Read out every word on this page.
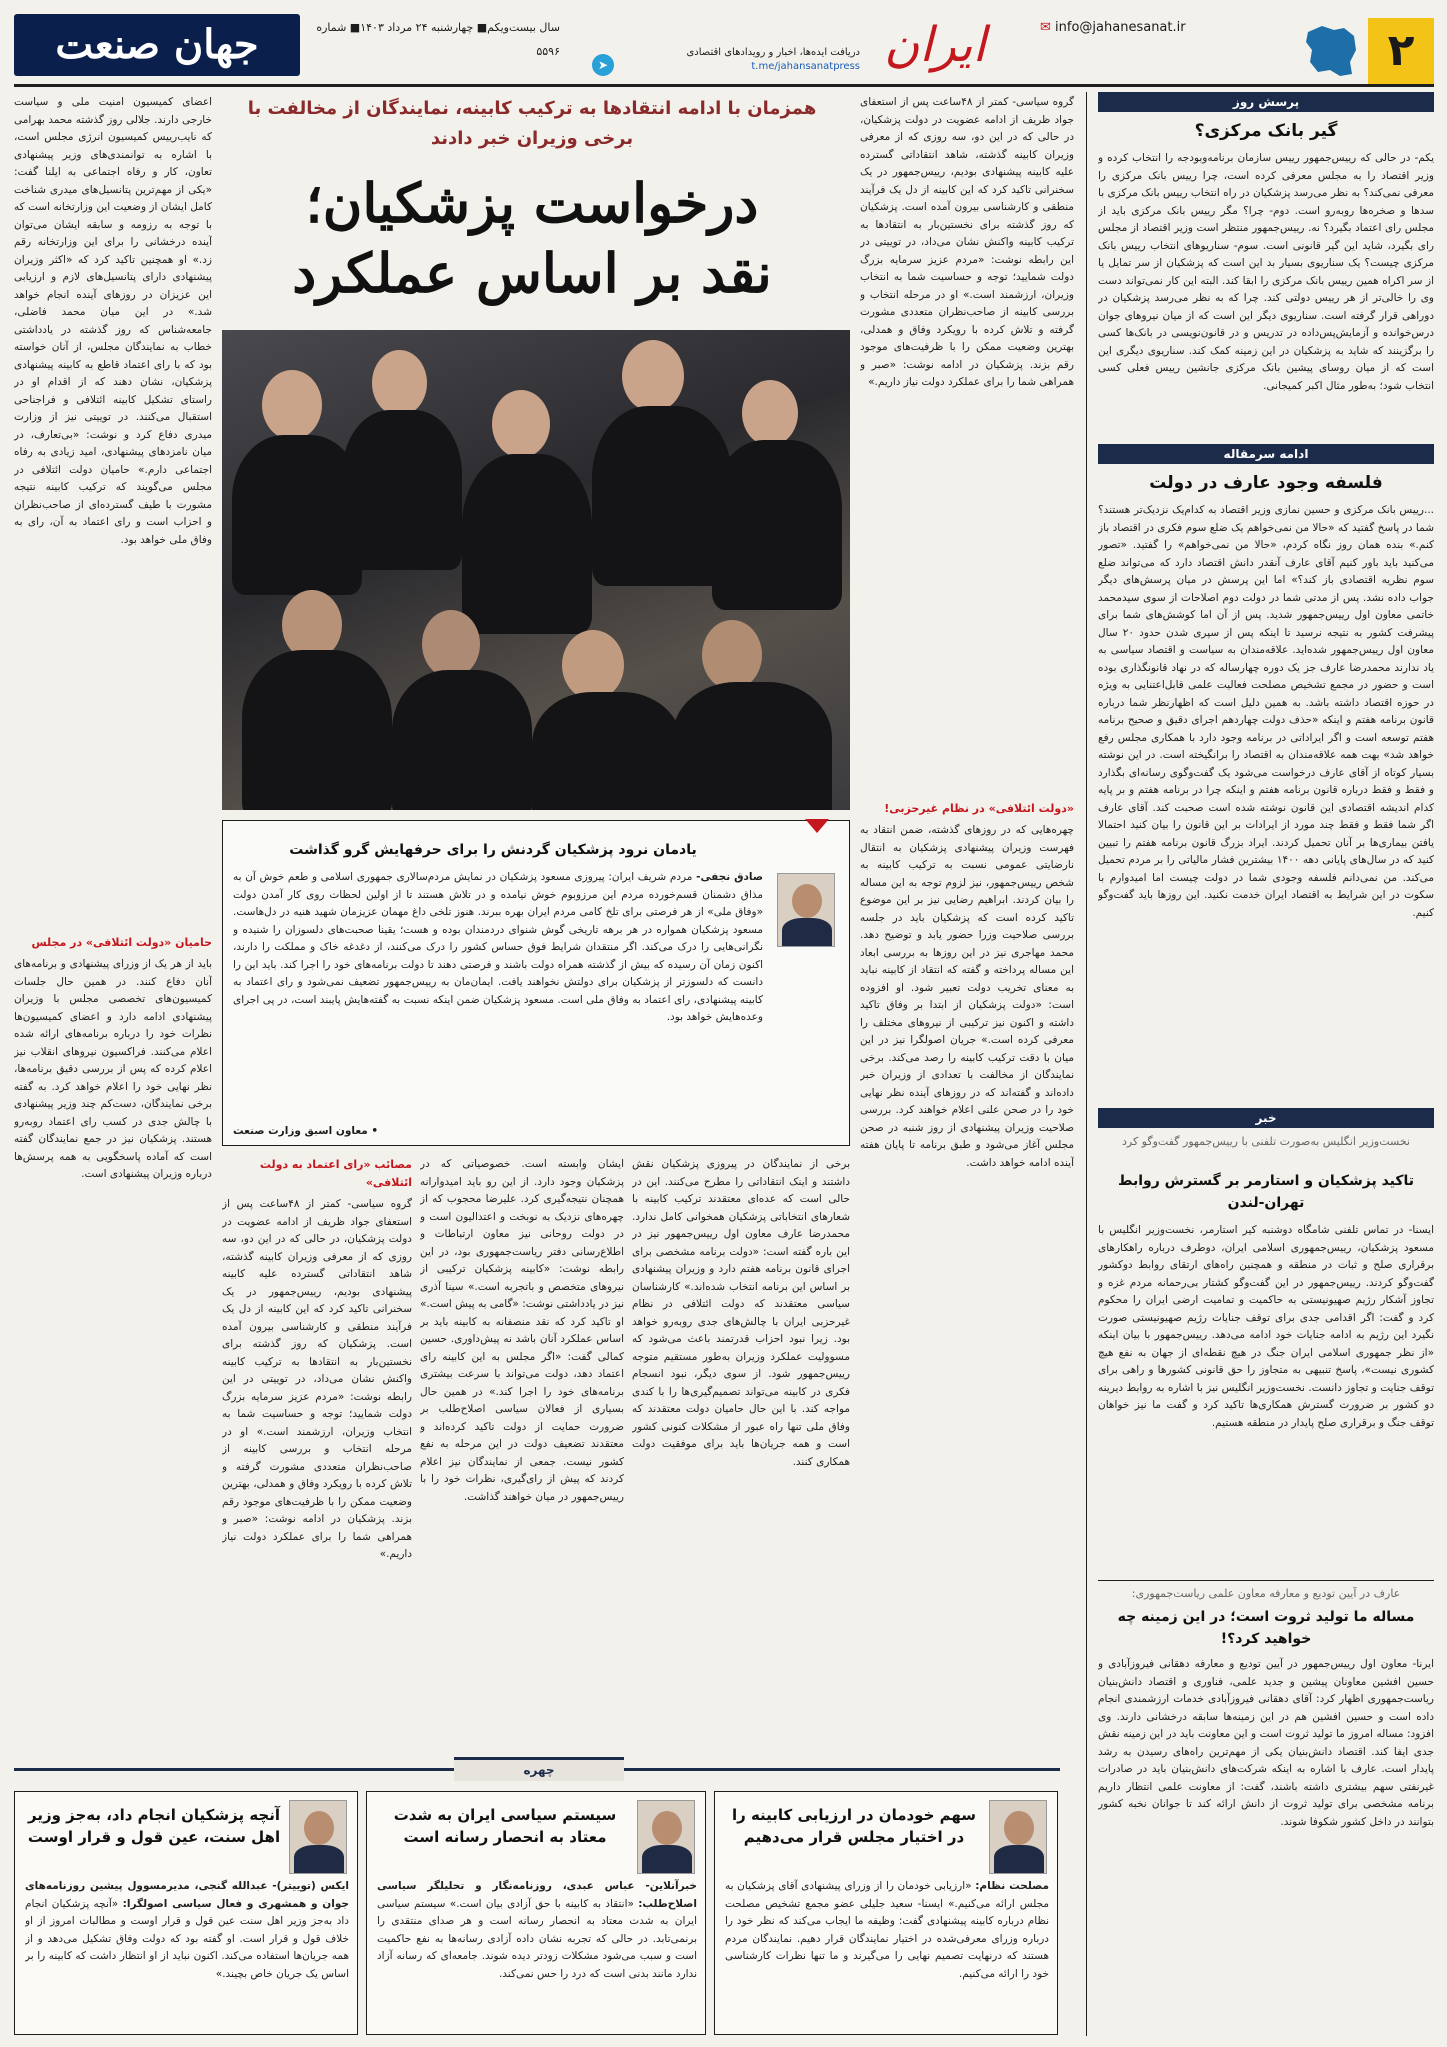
۲
✉ info@jahanesanat.ir
ایران
دریافت ایده‌ها، اخبار و رویدادهای اقتصادی
t.me/jahansanatpress
➤
سال بیست‌ویکم■ چهارشنبه ۲۴ مرداد ۱۴۰۳■ شماره ۵۵۹۶
جهان صنعت
پرسش روز
گیر بانک مرکزی؟
یکم- در حالی که رییس‌جمهور رییس سازمان برنامه‌وبودجه را انتخاب کرده و وزیر اقتصاد را به مجلس معرفی کرده است، چرا رییس بانک مرکزی را معرفی نمی‌کند؟ به نظر می‌رسد پزشکیان در راه انتخاب رییس بانک مرکزی با سدها و صخره‌ها روبه‌رو است. دوم- چرا؟ مگر رییس بانک مرکزی باید از مجلس رای اعتماد بگیرد؟ نه. رییس‌جمهور منتظر است وزیر اقتصاد از مجلس رای بگیرد، شاید این گیر قانونی است. سوم- سناریوهای انتخاب رییس بانک مرکزی چیست؟ یک سناریوی بسیار بد این است که پزشکیان از سر تمایل یا از سر اکراه همین رییس بانک مرکزی را ابقا کند. البته این کار نمی‌تواند دست وی را خالی‌تر از هر رییس دولتی کند. چرا که به نظر می‌رسد پزشکیان در دوراهی قرار گرفته است. سناریوی دیگر این است که از میان نیروهای جوان درس‌خوانده و آزمایش‌پس‌داده در تدریس و در قانون‌نویسی در بانک‌ها کسی را برگزینند که شاید به پزشکیان در این زمینه کمک کند. سناریوی دیگری این است که از میان روسای پیشین بانک مرکزی جانشین رییس فعلی کسی انتخاب شود؛ به‌طور مثال اکبر کمیجانی.
ادامه سرمقاله
فلسفه وجود عارف در دولت
...رییس بانک مرکزی و حسین نمازی وزیر اقتصاد به کدام‌یک نزدیک‌تر هستند؟ شما در پاسخ گفتید که «حالا من نمی‌خواهم یک ضلع سوم فکری در اقتصاد باز کنم.» بنده همان روز نگاه کردم، «حالا من نمی‌خواهم» را گفتید. «تصور می‌کنید باید باور کنیم آقای عارف آنقدر دانش اقتصاد دارد که می‌تواند ضلع سوم نظریه اقتصادی باز کند؟» اما این پرسش در میان پرسش‌های دیگر جواب داده نشد. پس از مدتی شما در دولت دوم اصلاحات از سوی سیدمحمد خاتمی معاون اول رییس‌جمهور شدید. پس از آن اما کوشش‌های شما برای پیشرفت کشور به نتیجه نرسید تا اینکه پس از سپری شدن حدود ۲۰ سال معاون اول رییس‌جمهور شده‌اید. علاقه‌مندان به سیاست و اقتصاد سیاسی به یاد ندارند محمدرضا عارف جز یک دوره چهارساله که در نهاد قانونگذاری بوده است و حضور در مجمع تشخیص مصلحت فعالیت علمی قابل‌اعتنایی به ویژه در حوزه اقتصاد داشته باشد. به همین دلیل است که اظهارنظر شما درباره قانون برنامه هفتم و اینکه «حذف دولت چهاردهم اجرای دقیق و صحیح برنامه هفتم توسعه است و اگر ایراداتی در برنامه وجود دارد با همکاری مجلس رفع خواهد شد» بهت همه علاقه‌مندان به اقتصاد را برانگیخته است. در این نوشته بسیار کوتاه از آقای عارف درخواست می‌شود یک گفت‌وگوی رسانه‌ای بگذارد و فقط و فقط درباره قانون برنامه هفتم و اینکه چرا در برنامه هفتم و بر پایه کدام اندیشه اقتصادی این قانون نوشته شده است صحبت کند. آقای عارف اگر شما فقط و فقط چند مورد از ایرادات بر این قانون را بیان کنید احتمالا یافتن بیماری‌ها بر آنان تحمیل کردند. ایراد بزرگ قانون برنامه هفتم را تبیین کنید که در سال‌های پایانی دهه ۱۴۰۰ بیشترین فشار مالیاتی را بر مردم تحمیل می‌کند. من نمی‌دانم فلسفه وجودی شما در دولت چیست اما امیدوارم با سکوت در این شرایط به اقتصاد ایران خدمت نکنید. این روزها باید گفت‌وگو کنیم.
خبر
نخست‌وزیر انگلیس به‌صورت تلفنی با رییس‌جمهور گفت‌وگو کرد
تاکید پزشکیان و استارمر بر گسترش روابط تهران-لندن
ایسنا- در تماس تلفنی شامگاه دوشنبه کیر استارمر، نخست‌وزیر انگلیس با مسعود پزشکیان، رییس‌جمهوری اسلامی ایران، دوطرف درباره راهکارهای برقراری صلح و ثبات در منطقه و همچنین راه‌های ارتقای روابط دوکشور گفت‌وگو کردند. رییس‌جمهور در این گفت‌وگو کشتار بی‌رحمانه مردم غزه و تجاوز آشکار رژیم صهیونیستی به حاکمیت و تمامیت ارضی ایران را محکوم کرد و گفت: اگر اقدامی جدی برای توقف جنایات رژیم صهیونیستی صورت نگیرد این رژیم به ادامه جنایات خود ادامه می‌دهد. رییس‌جمهور با بیان اینکه «از نظر جمهوری اسلامی ایران جنگ در هیچ نقطه‌ای از جهان به نفع هیچ کشوری نیست»، پاسخ تنبیهی به متجاوز را حق قانونی کشورها و راهی برای توقف جنایت و تجاوز دانست. نخست‌وزیر انگلیس نیز با اشاره به روابط دیرینه دو کشور بر ضرورت گسترش همکاری‌ها تاکید کرد و گفت ما نیز خواهان توقف جنگ و برقراری صلح پایدار در منطقه هستیم.
عارف در آیین تودیع و معارفه معاون علمی ریاست‌جمهوری:
مساله ما تولید ثروت است؛ در این زمینه چه خواهید کرد؟!
ایرنا- معاون اول رییس‌جمهور در آیین تودیع و معارفه دهقانی فیروزآبادی و حسین افشین معاونان پیشین و جدید علمی، فناوری و اقتصاد دانش‌بنیان ریاست‌جمهوری اظهار کرد: آقای دهقانی فیروزآبادی خدمات ارزشمندی انجام داده است و حسین افشین هم در این زمینه‌ها سابقه درخشانی دارند. وی افزود: مساله امروز ما تولید ثروت است و این معاونت باید در این زمینه نقش جدی ایفا کند. اقتصاد دانش‌بنیان یکی از مهم‌ترین راه‌های رسیدن به رشد پایدار است. عارف با اشاره به اینکه شرکت‌های دانش‌بنیان باید در صادرات غیرنفتی سهم بیشتری داشته باشند، گفت: از معاونت علمی انتظار داریم برنامه مشخصی برای تولید ثروت از دانش ارائه کند تا جوانان نخبه کشور بتوانند در داخل کشور شکوفا شوند.
همزمان با ادامه انتقادها به ترکیب کابینه، نمایندگان از مخالفت با برخی وزیران خبر دادند
درخواست پزشکیان؛
نقد بر اساس عملکرد
گروه سیاسی- کمتر از ۴۸ساعت پس از استعفای جواد ظریف از ادامه عضویت در دولت پزشکیان، در حالی که در این دو، سه روزی که از معرفی وزیران کابینه گذشته، شاهد انتقاداتی گسترده علیه کابینه پیشنهادی بودیم، رییس‌جمهور در یک سخنرانی تاکید کرد که این کابینه از دل یک فرآیند منطقی و کارشناسی بیرون آمده است. پزشکیان که روز گذشته برای نخستین‌بار به انتقادها به ترکیب کابینه واکنش نشان می‌داد، در توییتی در این رابطه نوشت: «مردم عزیز سرمایه بزرگ دولت شمایید؛ توجه و حساسیت شما به انتخاب وزیران، ارزشمند است.» او در مرحله انتخاب و بررسی کابینه از صاحب‌نظران متعددی مشورت گرفته و تلاش کرده با رویکرد وفاق و همدلی، بهترین وضعیت ممکن را با ظرفیت‌های موجود رقم بزند. پزشکیان در ادامه نوشت: «صبر و همراهی شما را برای عملکرد دولت نیاز داریم.»
«دولت ائتلافی» در نظام غیرحزبی!
چهره‌هایی که در روزهای گذشته، ضمن انتقاد به فهرست وزیران پیشنهادی پزشکیان به انتقال نارضایتی عمومی نسبت به ترکیب کابینه به شخص رییس‌جمهور، نیز لزوم توجه به این مساله را بیان کردند. ابراهیم رضایی نیز بر این موضوع تاکید کرده است که پزشکیان باید در جلسه بررسی صلاحیت وزرا حضور یابد و توضیح دهد. محمد مهاجری نیز در این روزها به بررسی ابعاد این مساله پرداخته و گفته که انتقاد از کابینه نباید به معنای تخریب دولت تعبیر شود. او افزوده است: «دولت پزشکیان از ابتدا بر وفاق تاکید داشته و اکنون نیز ترکیبی از نیروهای مختلف را معرفی کرده است.» جریان اصولگرا نیز در این میان با دقت ترکیب کابینه را رصد می‌کند. برخی نمایندگان از مخالفت با تعدادی از وزیران خبر داده‌اند و گفته‌اند که در روزهای آینده نظر نهایی خود را در صحن علنی اعلام خواهند کرد. بررسی صلاحیت وزیران پیشنهادی از روز شنبه در صحن مجلس آغاز می‌شود و طبق برنامه تا پایان هفته آینده ادامه خواهد داشت.
اعضای کمیسیون امنیت ملی و سیاست خارجی دارند. جلالی روز گذشته محمد بهرامی که نایب‌رییس کمیسیون انرژی مجلس است، با اشاره به توانمندی‌های وزیر پیشنهادی تعاون، کار و رفاه اجتماعی به ایلنا گفت: «یکی از مهم‌ترین پتانسیل‌های میدری شناخت کامل ایشان از وضعیت این وزارتخانه است که با توجه به رزومه و سابقه ایشان می‌توان آینده درخشانی را برای این وزارتخانه رقم زد.» او همچنین تاکید کرد که «اکثر وزیران پیشنهادی دارای پتانسیل‌های لازم و ارزیابی این عزیزان در روزهای آینده انجام خواهد شد.» در این میان محمد فاضلی، جامعه‌شناس که روز گذشته در یادداشتی خطاب به نمایندگان مجلس، از آنان خواسته بود که با رای اعتماد قاطع به کابینه پیشنهادی پزشکیان، نشان دهند که از اقدام او در راستای تشکیل کابینه ائتلافی و فراجناحی استقبال می‌کنند. در توییتی نیز از وزارت میدری دفاع کرد و نوشت: «بی‌تعارف، در میان نامزدهای پیشنهادی، امید زیادی به رفاه اجتماعی دارم.» حامیان دولت ائتلافی در مجلس می‌گویند که ترکیب کابینه نتیجه مشورت با طیف گسترده‌ای از صاحب‌نظران و احزاب است و رای اعتماد به آن، رای به وفاق ملی خواهد بود.
حامیان «دولت ائتلافی» در مجلس
باید از هر یک از وزرای پیشنهادی و برنامه‌های آنان دفاع کنند. در همین حال جلسات کمیسیون‌های تخصصی مجلس با وزیران پیشنهادی ادامه دارد و اعضای کمیسیون‌ها نظرات خود را درباره برنامه‌های ارائه شده اعلام می‌کنند. فراکسیون نیروهای انقلاب نیز اعلام کرده که پس از بررسی دقیق برنامه‌ها، نظر نهایی خود را اعلام خواهد کرد. به گفته برخی نمایندگان، دست‌کم چند وزیر پیشنهادی با چالش جدی در کسب رای اعتماد روبه‌رو هستند. پزشکیان نیز در جمع نمایندگان گفته است که آماده پاسخگویی به همه پرسش‌ها درباره وزیران پیشنهادی است.
یادمان نرود پزشکیان گردنش را برای حرفهایش گرو گذاشت
صادق نجفی- مردم شریف ایران: پیروزی مسعود پزشکیان در نمایش مردم‌سالاری جمهوری اسلامی و طعم خوش آن به مذاق دشمنان قسم‌خورده مردم این مرزوبوم خوش نیامده و در تلاش هستند تا از اولین لحظات روی کار آمدن دولت «وفاق ملی» از هر فرصتی برای تلخ کامی مردم ایران بهره ببرند. هنوز تلخی داغ مهمان عزیزمان شهید هنیه در دل‌هاست. مسعود پزشکیان همواره در هر برهه تاریخی گوش شنوای دردمندان بوده و هست؛ یقینا صحبت‌های دلسوزان را شنیده و نگرانی‌هایی را درک می‌کند. اگر منتقدان شرایط فوق حساس کشور را درک می‌کنند، از دغدغه خاک و مملکت را دارند، اکنون زمان آن رسیده که بیش از گذشته همراه دولت باشند و فرصتی دهند تا دولت برنامه‌های خود را اجرا کند. باید این را دانست که دلسوزتر از پزشکیان برای دولتش نخواهند یافت. ایمان‌مان به رییس‌جمهور تضعیف نمی‌شود و رای اعتماد به کابینه پیشنهادی، رای اعتماد به وفاق ملی است. مسعود پزشکیان ضمن اینکه نسبت به گفته‌هایش پایبند است، در پی اجرای وعده‌هایش خواهد بود.
• معاون اسبق وزارت صنعت
برخی از نمایندگان در پیروزی پزشکیان نقش داشتند و اینک انتقاداتی را مطرح می‌کنند. این در حالی است که عده‌ای معتقدند ترکیب کابینه با شعارهای انتخاباتی پزشکیان همخوانی کامل ندارد. محمدرضا عارف معاون اول رییس‌جمهور نیز در این باره گفته است: «دولت برنامه مشخصی برای اجرای قانون برنامه هفتم دارد و وزیران پیشنهادی بر اساس این برنامه انتخاب شده‌اند.» کارشناسان سیاسی معتقدند که دولت ائتلافی در نظام غیرحزبی ایران با چالش‌های جدی روبه‌رو خواهد بود. زیرا نبود احزاب قدرتمند باعث می‌شود که مسوولیت عملکرد وزیران به‌طور مستقیم متوجه رییس‌جمهور شود. از سوی دیگر، نبود انسجام فکری در کابینه می‌تواند تصمیم‌گیری‌ها را با کندی مواجه کند. با این حال حامیان دولت معتقدند که وفاق ملی تنها راه عبور از مشکلات کنونی کشور است و همه جریان‌ها باید برای موفقیت دولت همکاری کنند.
ایشان وابسته است. خصوصیاتی که در پزشکیان وجود دارد. از این رو باید امیدوارانه همچنان نتیجه‌گیری کرد. علیرضا محجوب که از چهره‌های نزدیک به نوبخت و اعتدالیون است و در دولت روحانی نیز معاون ارتباطات و اطلاع‌رسانی دفتر ریاست‌جمهوری بود، در این رابطه نوشت: «کابینه پزشکیان ترکیبی از نیروهای متخصص و باتجربه است.» سینا آذری نیز در یادداشتی نوشت: «گامی به پیش است.» او تاکید کرد که نقد منصفانه به کابینه باید بر اساس عملکرد آنان باشد نه پیش‌داوری. حسین کمالی گفت: «اگر مجلس به این کابینه رای اعتماد دهد، دولت می‌تواند با سرعت بیشتری برنامه‌های خود را اجرا کند.» در همین حال بسیاری از فعالان سیاسی اصلاح‌طلب بر ضرورت حمایت از دولت تاکید کرده‌اند و معتقدند تضعیف دولت در این مرحله به نفع کشور نیست. جمعی از نمایندگان نیز اعلام کردند که پیش از رای‌گیری، نظرات خود را با رییس‌جمهور در میان خواهند گذاشت.
مصائب «رای اعتماد به دولت ائتلافی»
گروه سیاسی- کمتر از ۴۸ساعت پس از استعفای جواد ظریف از ادامه عضویت در دولت پزشکیان، در حالی که در این دو، سه روزی که از معرفی وزیران کابینه گذشته، شاهد انتقاداتی گسترده علیه کابینه پیشنهادی بودیم، رییس‌جمهور در یک سخنرانی تاکید کرد که این کابینه از دل یک فرآیند منطقی و کارشناسی بیرون آمده است. پزشکیان که روز گذشته برای نخستین‌بار به انتقادها به ترکیب کابینه واکنش نشان می‌داد، در توییتی در این رابطه نوشت: «مردم عزیز سرمایه بزرگ دولت شمایید؛ توجه و حساسیت شما به انتخاب وزیران، ارزشمند است.» او در مرحله انتخاب و بررسی کابینه از صاحب‌نظران متعددی مشورت گرفته و تلاش کرده با رویکرد وفاق و همدلی، بهترین وضعیت ممکن را با ظرفیت‌های موجود رقم بزند. پزشکیان در ادامه نوشت: «صبر و همراهی شما را برای عملکرد دولت نیاز داریم.»
چهره
سهم خودمان در ارزیابی کابینه را در اختیار مجلس قرار می‌دهیم
مصلحت نظام: «ارزیابی خودمان را از وزرای پیشنهادی آقای پزشکیان به مجلس ارائه می‌کنیم.» ایسنا- سعید جلیلی عضو مجمع تشخیص مصلحت نظام درباره کابینه پیشنهادی گفت: وظیفه ما ایجاب می‌کند که نظر خود را درباره وزرای معرفی‌شده در اختیار نمایندگان قرار دهیم. نمایندگان مردم هستند که درنهایت تصمیم نهایی را می‌گیرند و ما تنها نظرات کارشناسی خود را ارائه می‌کنیم.
سیستم سیاسی ایران به شدت معتاد به انحصار رسانه است
خبرآنلاین- عباس عبدی، روزنامه‌نگار و تحلیلگر سیاسی اصلاح‌طلب: «انتقاد به کابینه با حق آزادی بیان است.» سیستم سیاسی ایران به شدت معتاد به انحصار رسانه است و هر صدای منتقدی را برنمی‌تابد. در حالی که تجربه نشان داده آزادی رسانه‌ها به نفع حاکمیت است و سبب می‌شود مشکلات زودتر دیده شوند. جامعه‌ای که رسانه آزاد ندارد مانند بدنی است که درد را حس نمی‌کند.
آنچه پزشکیان انجام داد، به‌جز وزیر اهل سنت، عین قول و قرار اوست
ایکس (توییتر)- عبدالله گنجی، مدیرمسوول پیشین روزنامه‌های جوان و همشهری و فعال سیاسی اصولگرا: «آنچه پزشکیان انجام داد به‌جز وزیر اهل سنت عین قول و قرار اوست و مطالبات امروز از او خلاف قول و قرار است. او گفته بود که دولت وفاق تشکیل می‌دهد و از همه جریان‌ها استفاده می‌کند. اکنون نباید از او انتظار داشت که کابینه را بر اساس یک جریان خاص بچیند.»
